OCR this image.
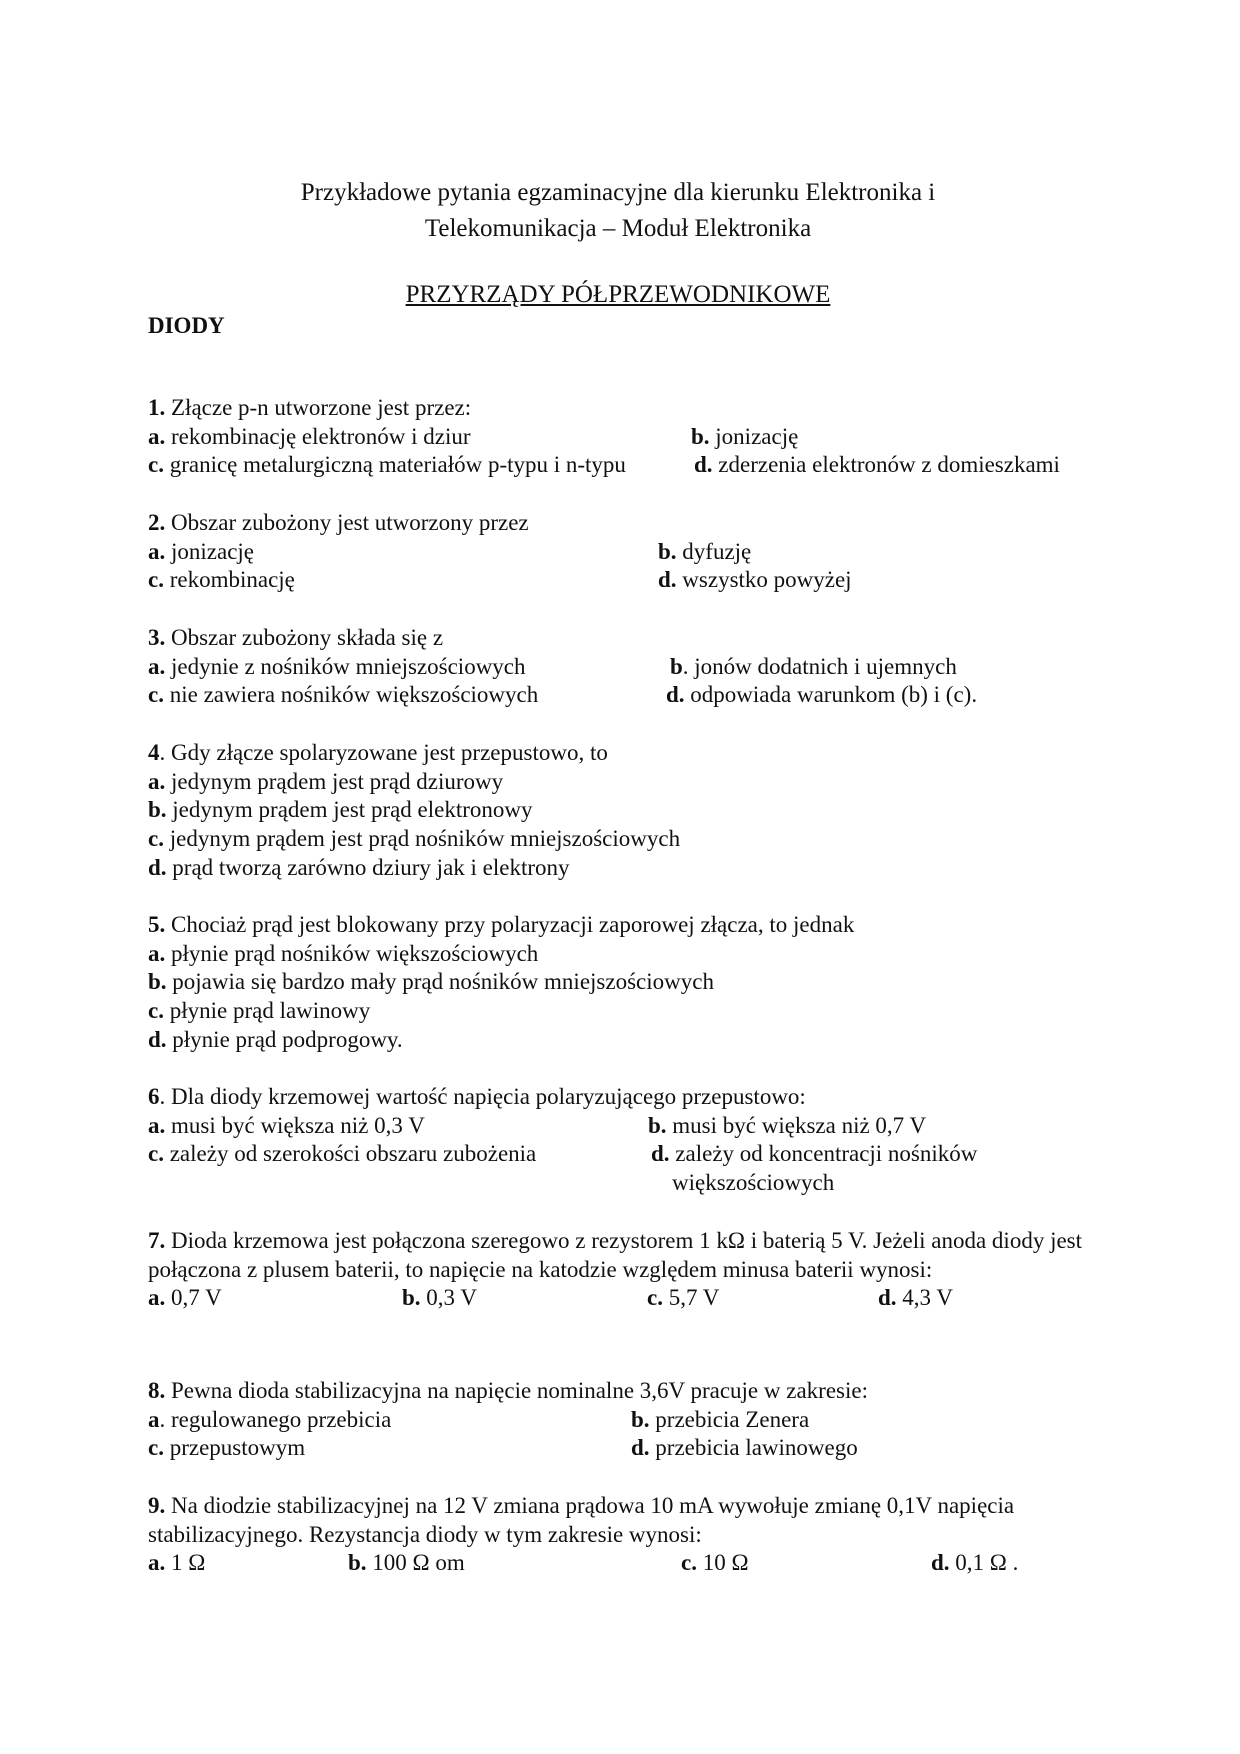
Przykładowe pytania egzaminacyjne dla kierunku Elektronika i
Telekomunikacja – Moduł Elektronika
PRZYRZĄDY PÓŁPRZEWODNIKOWE
DIODY

1. Złącze p-n utworzone jest przez:

a. rekombinację elektronów i dziur	b. jonizację
c. granicę metalurgiczną materiałów p-typu i n-typu	d. zderzenia elektronów z domieszkami

2. Obszar zubożony jest utworzony przez

a. jonizację	b. dyfuzję
c. rekombinację	d. wszystko powyżej

3. Obszar zubożony składa się z

a. jedynie z nośników mniejszościowych	b. jonów dodatnich i ujemnych
c. nie zawiera nośników większościowych	d. odpowiada warunkom (b) i (c).

4. Gdy złącze spolaryzowane jest przepustowo, to

a. jedynym prądem jest prąd dziurowy

b. jedynym prądem jest prąd elektronowy

c. jedynym prądem jest prąd nośników mniejszościowych

d. prąd tworzą zarówno dziury jak i elektrony

5. Chociaż prąd jest blokowany przy polaryzacji zaporowej złącza, to jednak

a. płynie prąd nośników większościowych

b. pojawia się bardzo mały prąd nośników mniejszościowych

c. płynie prąd lawinowy

d. płynie prąd podprogowy.

6. Dla diody krzemowej wartość napięcia polaryzującego przepustowo:

a. musi być większa niż 0,3 V	b. musi być większa niż 0,7 V
c. zależy od szerokości obszaru zubożenia	d. zależy od koncentracji nośników
większościowych

7. Dioda krzemowa jest połączona szeregowo z rezystorem 1 kΩ i baterią 5 V. Jeżeli anoda diody jest połączona z plusem baterii, to napięcie na katodzie względem minusa baterii wynosi:

a. 0,7 V	b. 0,3 V	c. 5,7 V	d. 4,3 V

8. Pewna dioda stabilizacyjna na napięcie nominalne 3,6V pracuje w zakresie:

a. regulowanego przebicia	b. przebicia Zenera
c. przepustowym	d. przebicia lawinowego

9. Na diodzie stabilizacyjnej na 12 V zmiana prądowa 10 mA wywołuje zmianę 0,1V napięcia stabilizacyjnego. Rezystancja diody w tym zakresie wynosi:

a. 1 Ω	b. 100 Ω om	c. 10 Ω	d. 0,1 Ω .
